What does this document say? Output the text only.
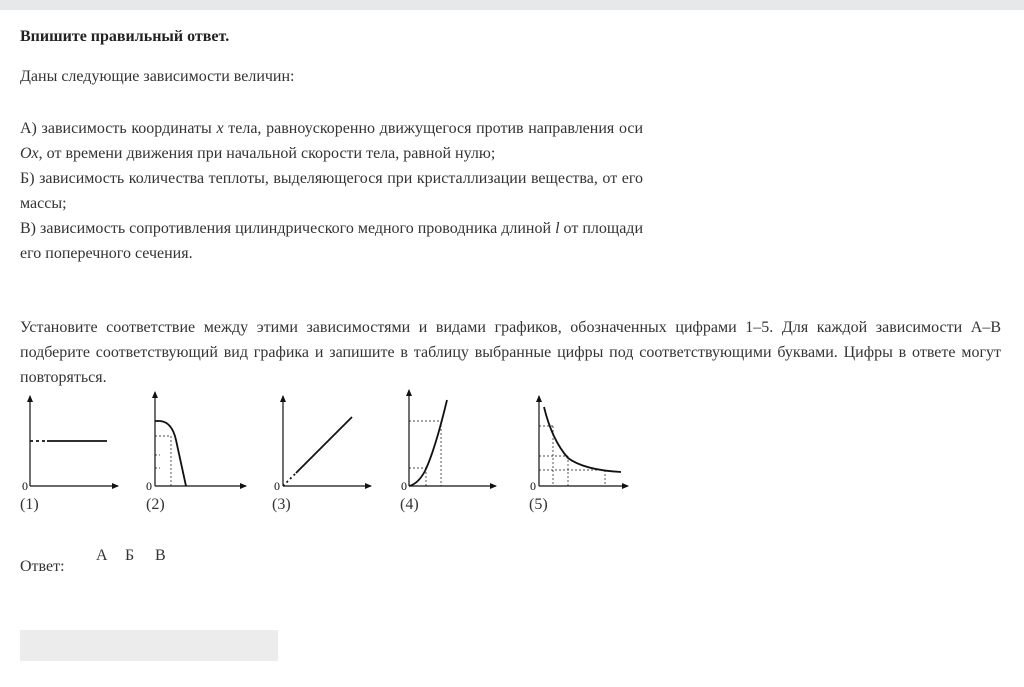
Впишите правильный ответ.
Даны следующие зависимости величин:

А) зависимость координаты x тела, равноускоренно движущегося против направления оси Ox, от времени движения при начальной скорости тела, равной нулю;

Б) зависимость количества теплоты, выделяющегося при кристаллизации вещества, от его массы;

В) зависимость сопротивления цилиндрического медного проводника длиной l от площади его поперечного сечения.

Установите соответствие между этими зависимостями и видами графиков, обозначенных цифрами 1–5. Для каждой зависимости А–В подберите соответствующий вид графика и запишите в таблицу выбранные цифры под соответствующими буквами. Цифры в ответе могут повторяться.
0	0	0	0	0
(1)	(2)	(3)	(4)	(5)
Ответ:
А Б В
